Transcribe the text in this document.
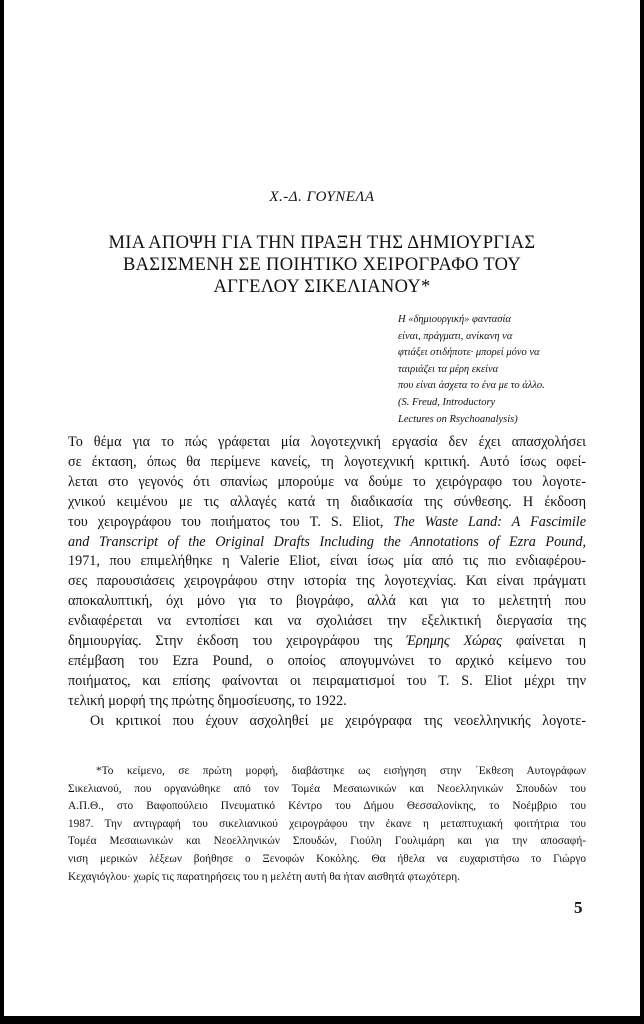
Χ.-Δ. ΓΟΥΝΕΛΑ
ΜΙΑ ΑΠΟΨΗ ΓΙΑ ΤΗΝ ΠΡΑΞΗ ΤΗΣ ΔΗΜΙΟΥΡΓΙΑΣ
ΒΑΣΙΣΜΕΝΗ ΣΕ ΠΟΙΗΤΙΚΟ ΧΕΙΡΟΓΡΑΦΟ ΤΟΥ
ΑΓΓΕΛΟΥ ΣΙΚΕΛΙΑΝΟΥ*
Η «δημιουργική» φαντασία
είναι, πράγματι, ανίκανη να
φτιάξει οτιδήποτε· μπορεί μόνο να
ταιριάζει τα μέρη εκείνα
που είναι άσχετα το ένα με το άλλο.
(S. Freud, Introductory
Lectures on Rsychoanalysis)
Το θέμα για το πώς γράφεται μία λογοτεχνική εργασία δεν έχει απασχολήσει
σε έκταση, όπως θα περίμενε κανείς, τη λογοτεχνική κριτική. Αυτό ίσως οφεί-
λεται στο γεγονός ότι σπανίως μπορούμε να δούμε το χειρόγραφο του λογοτε-
χνικού κειμένου με τις αλλαγές κατά τη διαδικασία της σύνθεσης. Η έκδοση
του χειρογράφου του ποιήματος του T. S. Eliot, The Waste Land: A Fascimile
and Transcript of the Original Drafts Including the Annotations of Ezra Pound,
1971, που επιμελήθηκε η Valerie Eliot, είναι ίσως μία από τις πιο ενδιαφέρου-
σες παρουσιάσεις χειρογράφου στην ιστορία της λογοτεχνίας. Και είναι πράγματι
αποκαλυπτική, όχι μόνο για το βιογράφο, αλλά και για το μελετητή που
ενδιαφέρεται να εντοπίσει και να σχολιάσει την εξελικτική διεργασία της
δημιουργίας. Στην έκδοση του χειρογράφου της Έρημης Χώρας φαίνεται η
επέμβαση του Ezra Pound, ο οποίος απογυμνώνει το αρχικό κείμενο του
ποιήματος, και επίσης φαίνονται οι πειραματισμοί του T. S. Eliot μέχρι την
τελική μορφή της πρώτης δημοσίευσης, το 1922.
Οι κριτικοί που έχουν ασχοληθεί με χειρόγραφα της νεοελληνικής λογοτε-
*Το κείμενο, σε πρώτη μορφή, διαβάστηκε ως εισήγηση στην ΄Εκθεση Αυτογράφων
Σικελιανού, που οργανώθηκε από τον Τομέα Μεσαιωνικών και Νεοελληνικών Σπουδών του
Α.Π.Θ., στο Βαφοπούλειο Πνευματικό Κέντρο του Δήμου Θεσσαλονίκης, το Νοέμβριο του
1987. Την αντιγραφή του σικελιανικού χειρογράφου την έκανε η μεταπτυχιακή φοιτήτρια του
Τομέα Μεσαιωνικών και Νεοελληνικών Σπουδών, Γιούλη Γουλιμάρη και για την αποσαφή-
νιση μερικών λέξεων βοήθησε ο Ξενοφών Κοκόλης. Θα ήθελα να ευχαριστήσω το Γιώργο
Κεχαγιόγλου· χωρίς τις παρατηρήσεις του η μελέτη αυτή θα ήταν αισθητά φτωχότερη.
5
